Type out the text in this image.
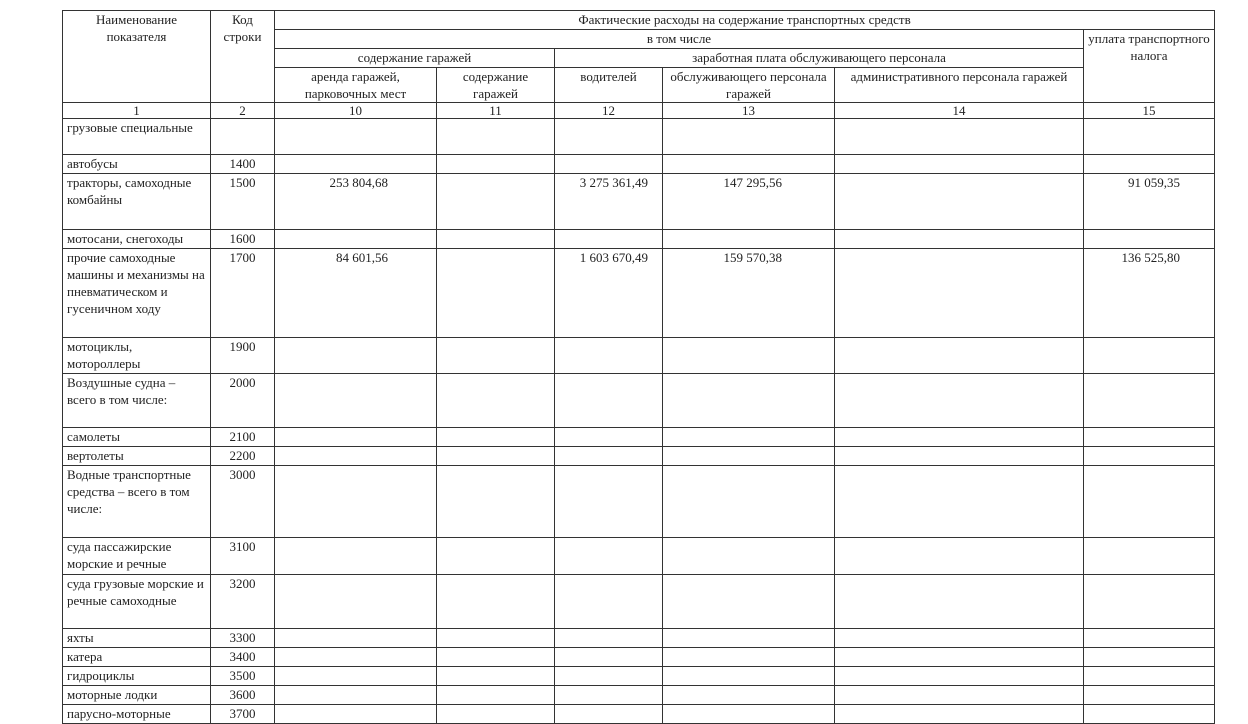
Наименование показателя	Код строки	Фактические расходы на содержание транспортных средств					
		в том числе					уплата транспортного налога
		содержание гаражей		заработная плата обслуживающего персонала			
		аренда гаражей, парковочных мест	содержание гаражей	водителей	обслуживающего персонала гаражей	административного персонала гаражей	
1	2	10	11	12	13	14	15
грузовые специальные							
автобусы	1400						
тракторы, самоходные комбайны	1500	253 804,68		3 275 361,49	147 295,56		91 059,35
мотосани, снегоходы	1600						
прочие самоходные машины и механизмы на пневматическом и гусеничном ходу	1700	84 601,56		1 603 670,49	159 570,38		136 525,80
мотоциклы, мотороллеры	1900						
Воздушные судна – всего в том числе:	2000						
самолеты	2100						
вертолеты	2200						
Водные транспортные средства – всего в том числе:	3000						
суда пассажирские морские и речные	3100						
суда грузовые морские и речные самоходные	3200						
яхты	3300						
катера	3400						
гидроциклы	3500						
моторные лодки	3600						
парусно-моторные	3700						
